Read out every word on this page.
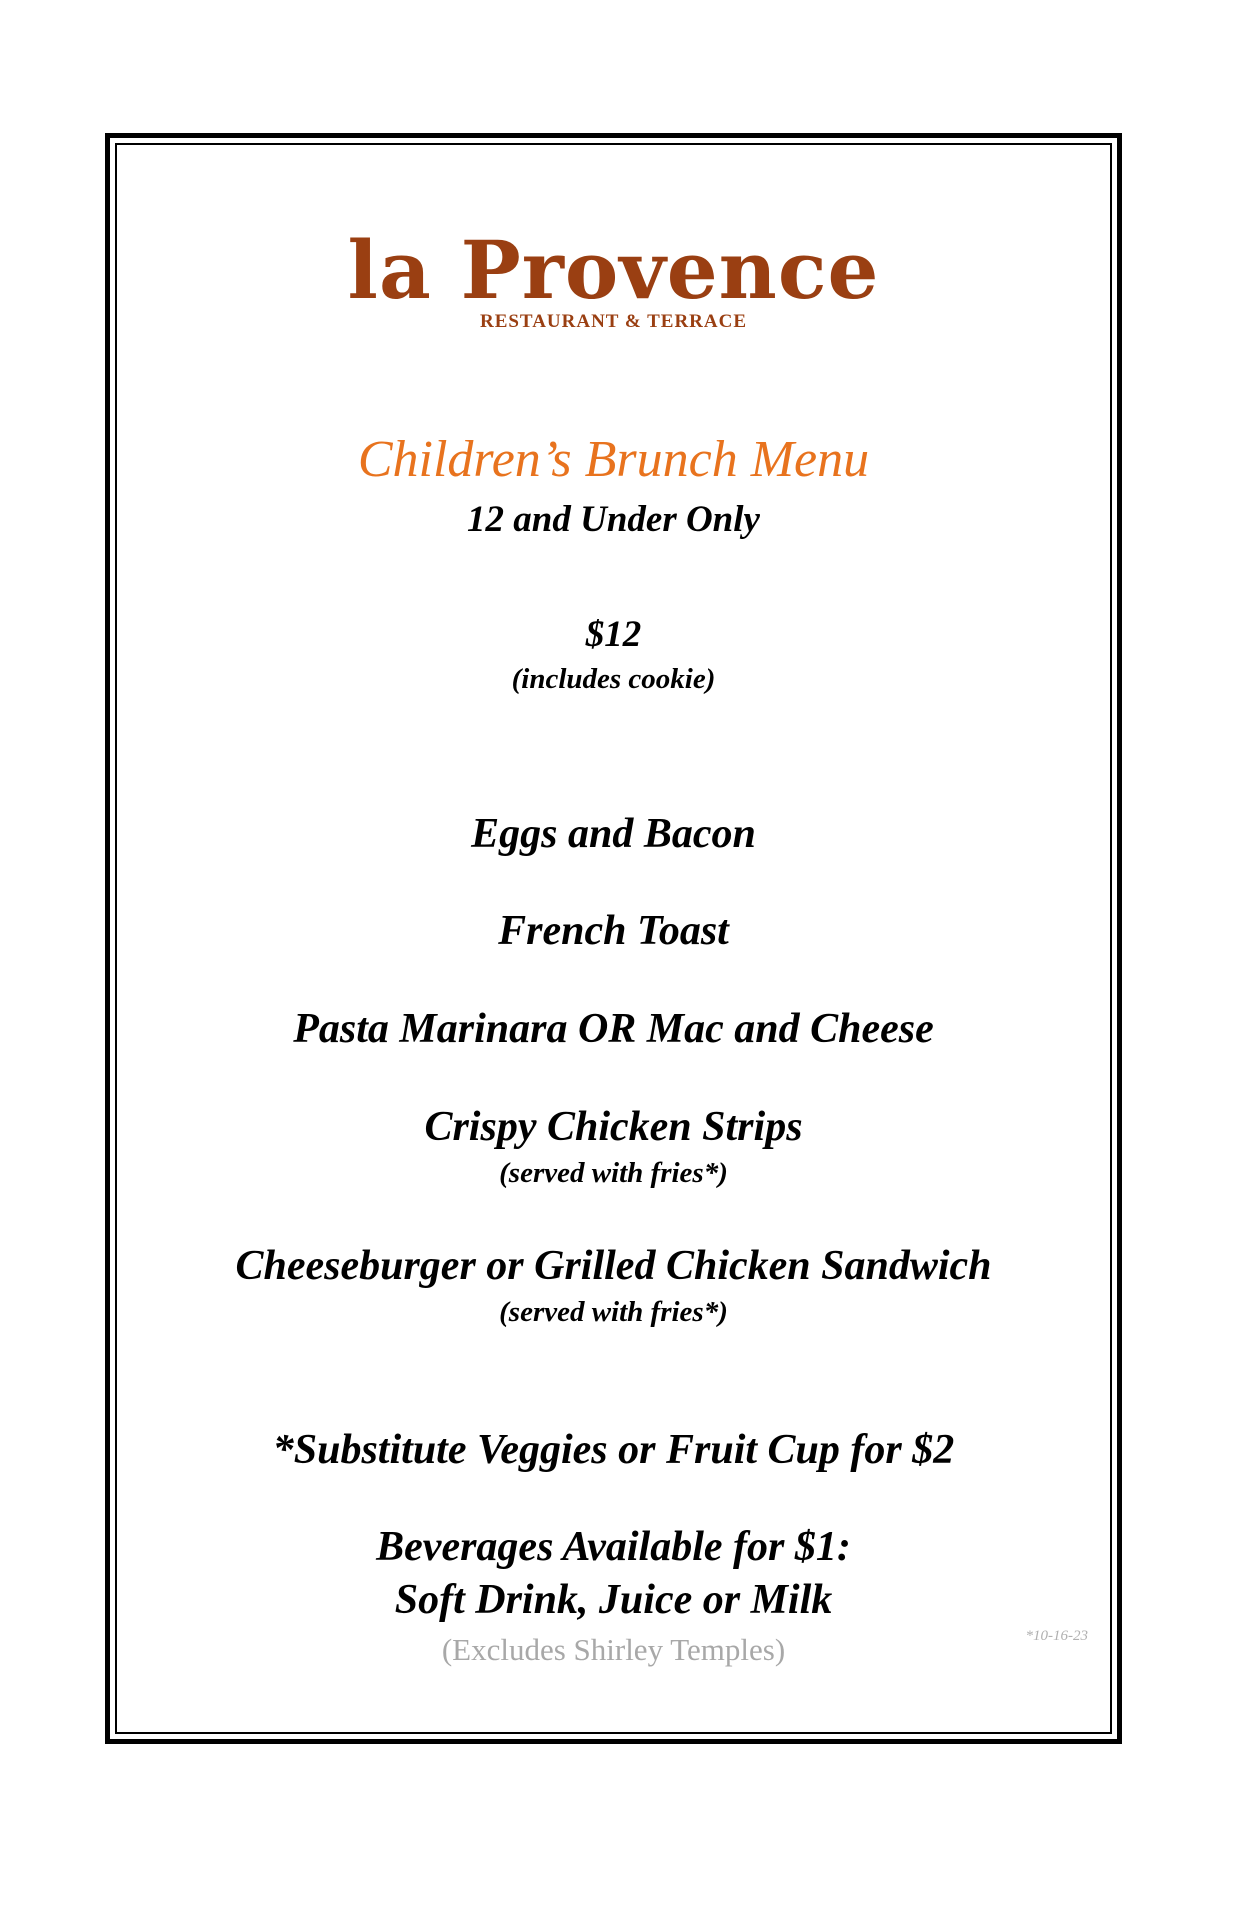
la Provence
RESTAURANT & TERRACE
Children’s Brunch Menu
12 and Under Only
$12
(includes cookie)
Eggs and Bacon
French Toast
Pasta Marinara OR Mac and Cheese
Crispy Chicken Strips
(served with fries*)
Cheeseburger or Grilled Chicken Sandwich
(served with fries*)
*Substitute Veggies or Fruit Cup for $2
Beverages Available for $1:
Soft Drink, Juice or Milk
(Excludes Shirley Temples)	*10-16-23
